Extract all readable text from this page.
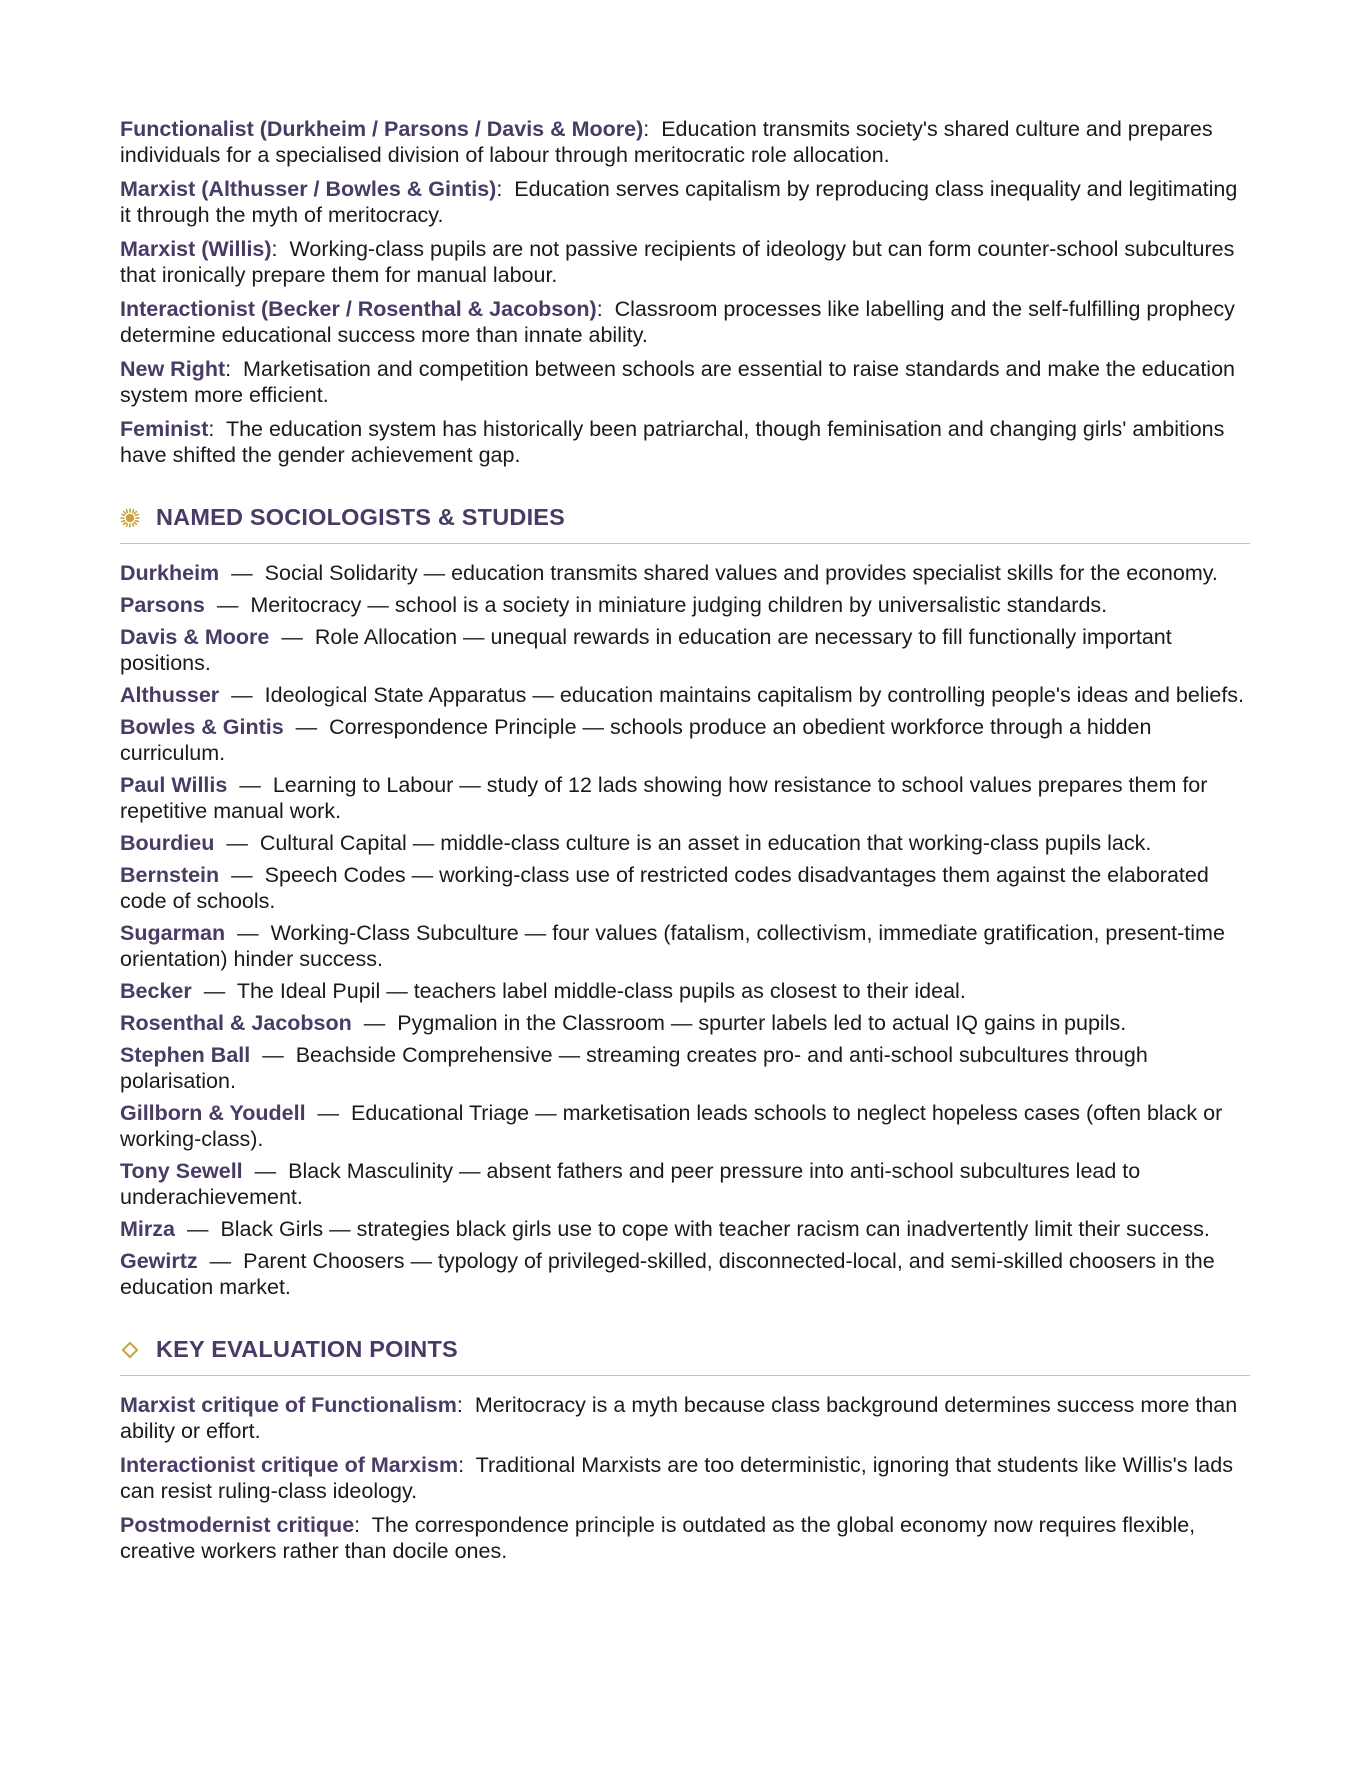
Functionalist (Durkheim / Parsons / Davis & Moore):  Education transmits society's shared culture and prepares individuals for a specialised division of labour through meritocratic role allocation.

Marxist (Althusser / Bowles & Gintis):  Education serves capitalism by reproducing class inequality and legitimating it through the myth of meritocracy.

Marxist (Willis):  Working-class pupils are not passive recipients of ideology but can form counter-school subcultures that ironically prepare them for manual labour.

Interactionist (Becker / Rosenthal & Jacobson):  Classroom processes like labelling and the self-fulfilling prophecy determine educational success more than innate ability.

New Right:  Marketisation and competition between schools are essential to raise standards and make the education system more efficient.

Feminist:  The education system has historically been patriarchal, though feminisation and changing girls' ambitions have shifted the gender achievement gap.

NAMED SOCIOLOGISTS & STUDIES

Durkheim — Social Solidarity — education transmits shared values and provides specialist skills for the economy.

Parsons — Meritocracy — school is a society in miniature judging children by universalistic standards.

Davis & Moore — Role Allocation — unequal rewards in education are necessary to fill functionally important positions.

Althusser — Ideological State Apparatus — education maintains capitalism by controlling people's ideas and beliefs.

Bowles & Gintis — Correspondence Principle — schools produce an obedient workforce through a hidden curriculum.

Paul Willis — Learning to Labour — study of 12 lads showing how resistance to school values prepares them for repetitive manual work.

Bourdieu — Cultural Capital — middle-class culture is an asset in education that working-class pupils lack.

Bernstein — Speech Codes — working-class use of restricted codes disadvantages them against the elaborated code of schools.

Sugarman — Working-Class Subculture — four values (fatalism, collectivism, immediate gratification, present-time orientation) hinder success.

Becker — The Ideal Pupil — teachers label middle-class pupils as closest to their ideal.

Rosenthal & Jacobson — Pygmalion in the Classroom — spurter labels led to actual IQ gains in pupils.

Stephen Ball — Beachside Comprehensive — streaming creates pro- and anti-school subcultures through polarisation.

Gillborn & Youdell — Educational Triage — marketisation leads schools to neglect hopeless cases (often black or working-class).

Tony Sewell — Black Masculinity — absent fathers and peer pressure into anti-school subcultures lead to underachievement.

Mirza — Black Girls — strategies black girls use to cope with teacher racism can inadvertently limit their success.

Gewirtz — Parent Choosers — typology of privileged-skilled, disconnected-local, and semi-skilled choosers in the education market.

KEY EVALUATION POINTS

Marxist critique of Functionalism:  Meritocracy is a myth because class background determines success more than ability or effort.

Interactionist critique of Marxism:  Traditional Marxists are too deterministic, ignoring that students like Willis's lads can resist ruling-class ideology.

Postmodernist critique:  The correspondence principle is outdated as the global economy now requires flexible, creative workers rather than docile ones.
